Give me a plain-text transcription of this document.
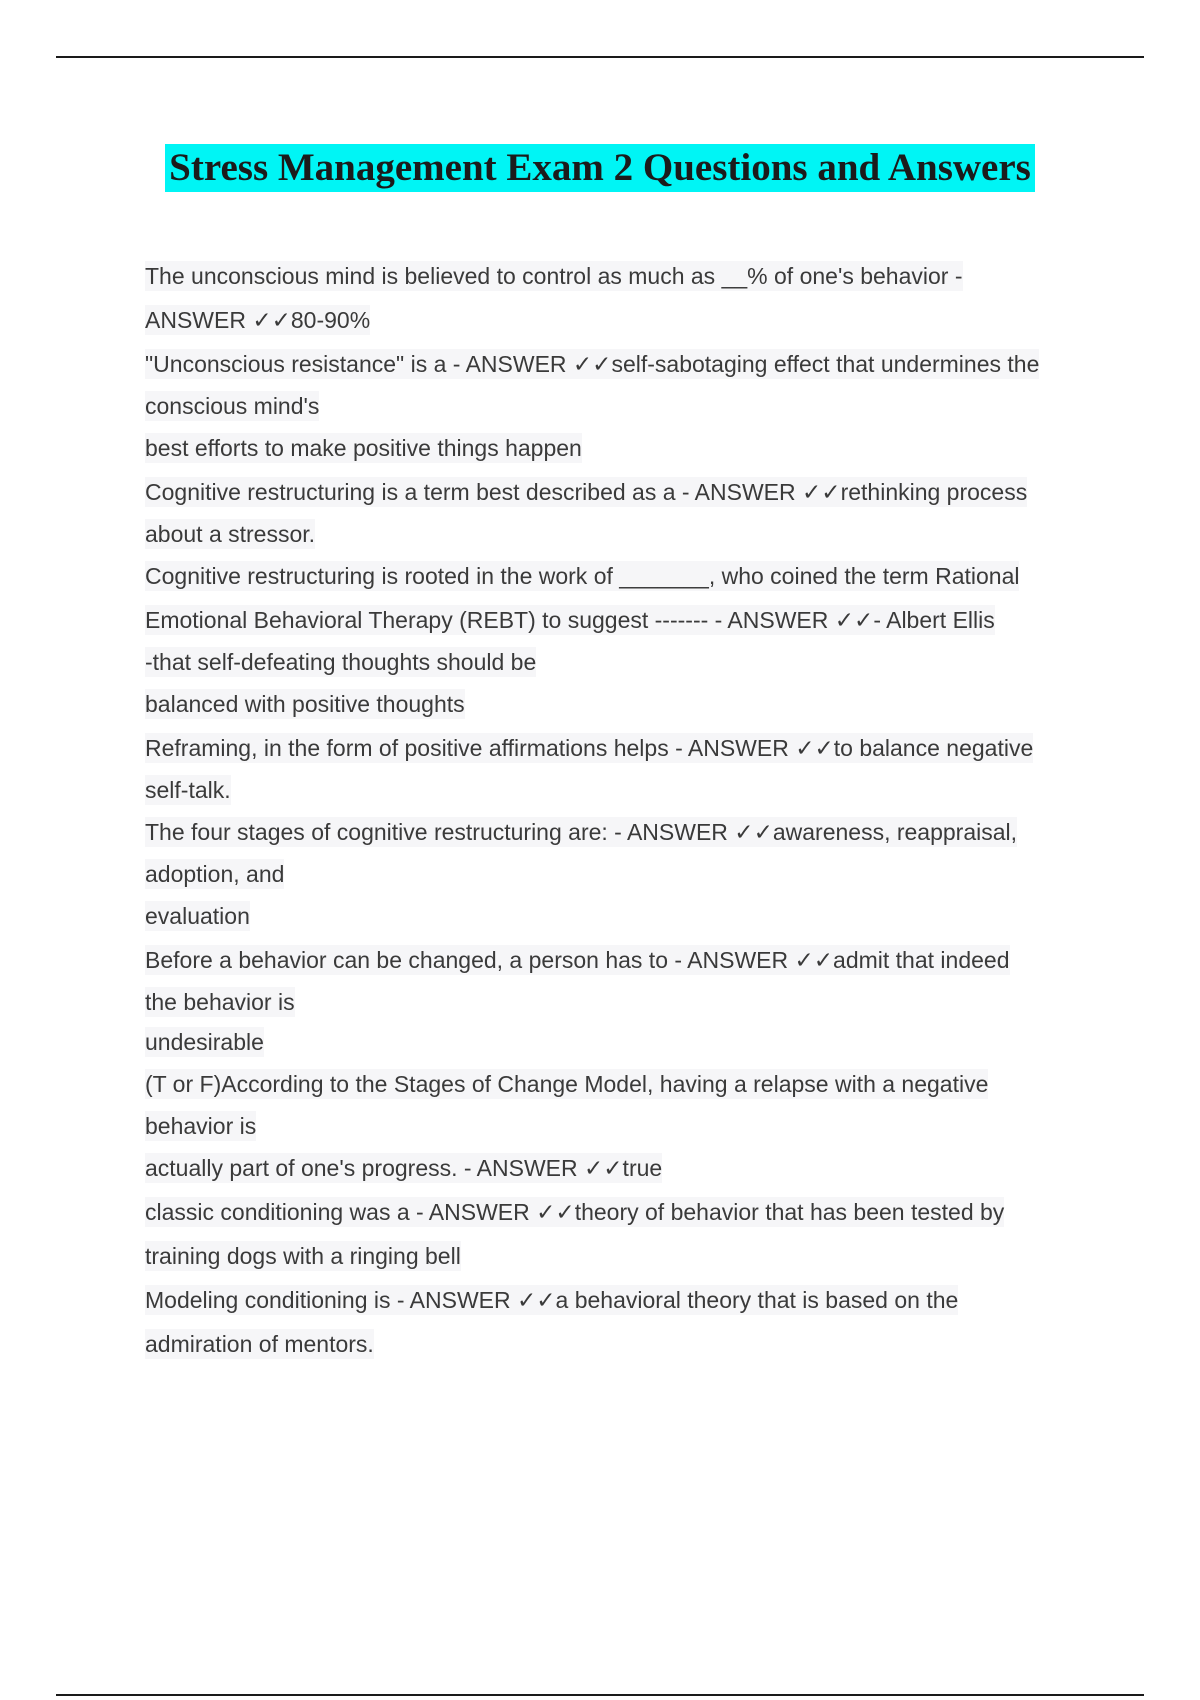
Stress Management Exam 2 Questions and Answers
The unconscious mind is believed to control as much as __% of one's behavior -
ANSWER ✓✓80-90%
"Unconscious resistance" is a - ANSWER ✓✓self-sabotaging effect that undermines the
conscious mind's
best efforts to make positive things happen
Cognitive restructuring is a term best described as a - ANSWER ✓✓rethinking process
about a stressor.
Cognitive restructuring is rooted in the work of _______, who coined the term Rational
Emotional Behavioral Therapy (REBT) to suggest ------- - ANSWER ✓✓- Albert Ellis
-that self-defeating thoughts should be
balanced with positive thoughts
Reframing, in the form of positive affirmations helps - ANSWER ✓✓to balance negative
self-talk.
The four stages of cognitive restructuring are: - ANSWER ✓✓awareness, reappraisal,
adoption, and
evaluation
Before a behavior can be changed, a person has to - ANSWER ✓✓admit that indeed
the behavior is
undesirable
(T or F)According to the Stages of Change Model, having a relapse with a negative
behavior is
actually part of one's progress. - ANSWER ✓✓true
classic conditioning was a - ANSWER ✓✓theory of behavior that has been tested by
training dogs with a ringing bell
Modeling conditioning is - ANSWER ✓✓a behavioral theory that is based on the
admiration of mentors.
